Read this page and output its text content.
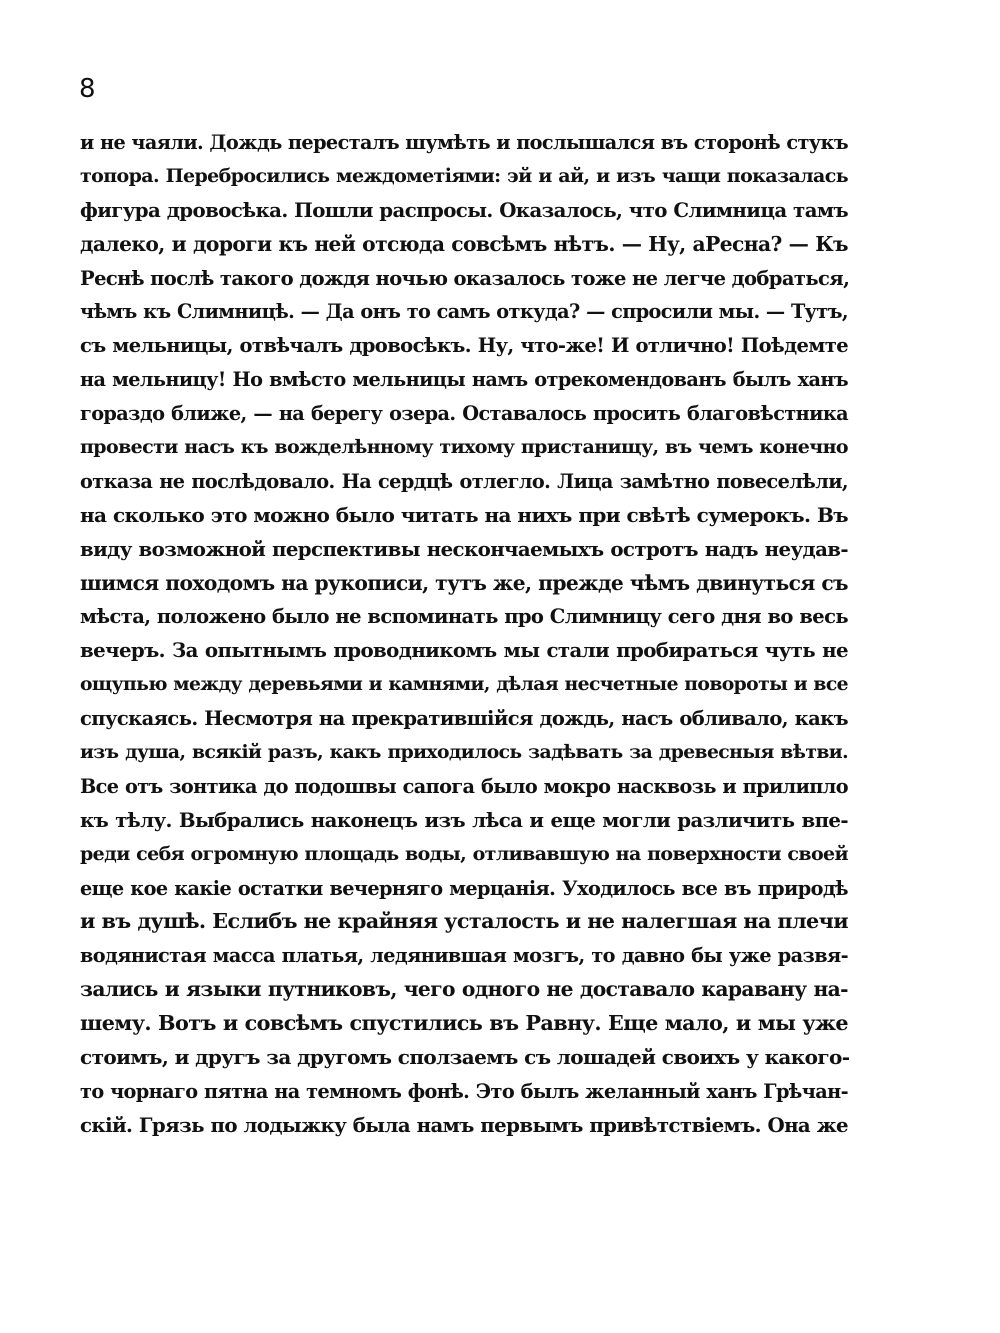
8
и не чаяли. Дождь пересталъ шумѣть и послышался въ сторонѣ стукъ
топора. Перебросились междометіями: эй и ай, и изъ чащи показалась
фигура дровосѣка. Пошли распросы. Оказалось, что Слимница тамъ
далеко, и дороги къ ней отсюда совсѣмъ нѣтъ. — Ну, аРесна? — Къ
Реснѣ послѣ такого дождя ночью оказалось тоже не легче добраться,
чѣмъ къ Слимницѣ. — Да онъ то самъ откуда? — спросили мы. — Тутъ,
съ мельницы, отвѣчалъ дровосѣкъ. Ну, что-же! И отлично! Поѣдемте
на мельницу! Но вмѣсто мельницы намъ отрекомендованъ былъ ханъ
гораздо ближе, — на берегу озера. Оставалось просить благовѣстника
провести насъ къ вожделѣнному тихому пристанищу, въ чемъ конечно
отказа не послѣдовало. На сердцѣ отлегло. Лица замѣтно повеселѣли,
на сколько это можно было читать на нихъ при свѣтѣ сумерокъ. Въ
виду возможной перспективы нескончаемыхъ остротъ надъ неудав-
шимся походомъ на рукописи, тутъ же, прежде чѣмъ двинуться съ
мѣста, положено было не вспоминать про Слимницу сего дня во весь
вечеръ. За опытнымъ проводникомъ мы стали пробираться чуть не
ощупью между деревьями и камнями, дѣлая несчетные повороты и все
спускаясь. Несмотря на прекратившійся дождь, насъ обливало, какъ
изъ душа, всякій разъ, какъ приходилось задѣвать за древесныя вѣтви.
Все отъ зонтика до подошвы сапога было мокро насквозь и прилипло
къ тѣлу. Выбрались наконецъ изъ лѣса и еще могли различить впе-
реди себя огромную площадь воды, отливавшую на поверхности своей
еще кое какіе остатки вечерняго мерцанія. Уходилось все въ природѣ
и въ душѣ. Еслибъ не крайняя усталость и не налегшая на плечи
водянистая масса платья, ледянившая мозгъ, то давно бы уже развя-
зались и языки путниковъ, чего одного не доставало каравану на-
шему. Вотъ и совсѣмъ спустились въ Равну. Еще мало, и мы уже
стоимъ, и другъ за другомъ сползаемъ съ лошадей своихъ у какого-
то чорнаго пятна на темномъ фонѣ. Это былъ желанный ханъ Грѣчан-
скій. Грязь по лодыжку была намъ первымъ привѣтствіемъ. Она же
